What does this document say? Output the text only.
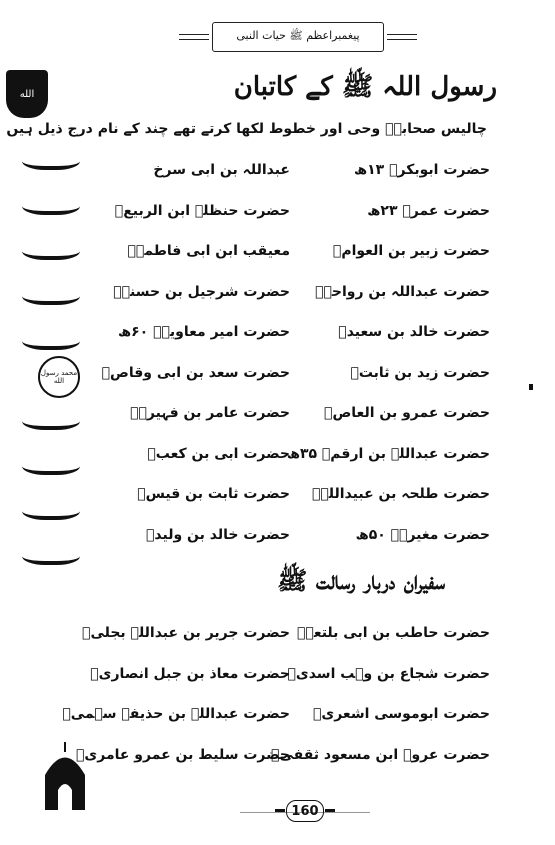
پیغمبراعظم ﷺ حیات النبی
الله
محمد رسول الله
رسول اللہ ﷺ کے کاتبان
چالیس صحابہؓ وحی اور خطوط لکھا کرتے تھے چند کے نام درج ذیل ہیں
حضرت ابوبکرؓ ۱۳ھ
عبداللہ بن ابی سرخ
حضرت عمرؓ ۲۳ھ
حضرت حنظلہ ابن الربیعؓ
حضرت زبیر بن العوامؓ
معیقب ابن ابی فاطمہؓ
حضرت عبداللہ بن رواحہؓ
حضرت شرجیل بن حسنہؓ
حضرت خالد بن سعیدؓ
حضرت امیر معاویہؓ ۶۰ھ
حضرت زید بن ثابتؓ
حضرت سعد بن ابی وقاصؓ
حضرت عمرو بن العاصؓ
حضرت عامر بن فہیرہؓ
حضرت عبداللہ بن ارقمؓ ۳۵ھ
حضرت ابی بن کعبؓ
حضرت طلحہ بن عبیداللہؓ
حضرت ثابت بن قیسؓ
حضرت مغیرہؓ ۵۰ھ
حضرت خالد بن ولیدؓ
سفیران دربار رسالت ﷺ
حضرت حاطب بن ابی بلتعہؓ
حضرت جریر بن عبداللہ بجلیؓ
حضرت شجاع بن وہب اسدیؓ
حضرت معاذ بن جبل انصاریؓ
حضرت ابوموسی اشعریؓ
حضرت عبداللہ بن حذیفہ سہمیؓ
حضرت عروہ ابن مسعود ثقفیؓ
حضرت سلیط بن عمرو عامریؓ
160
